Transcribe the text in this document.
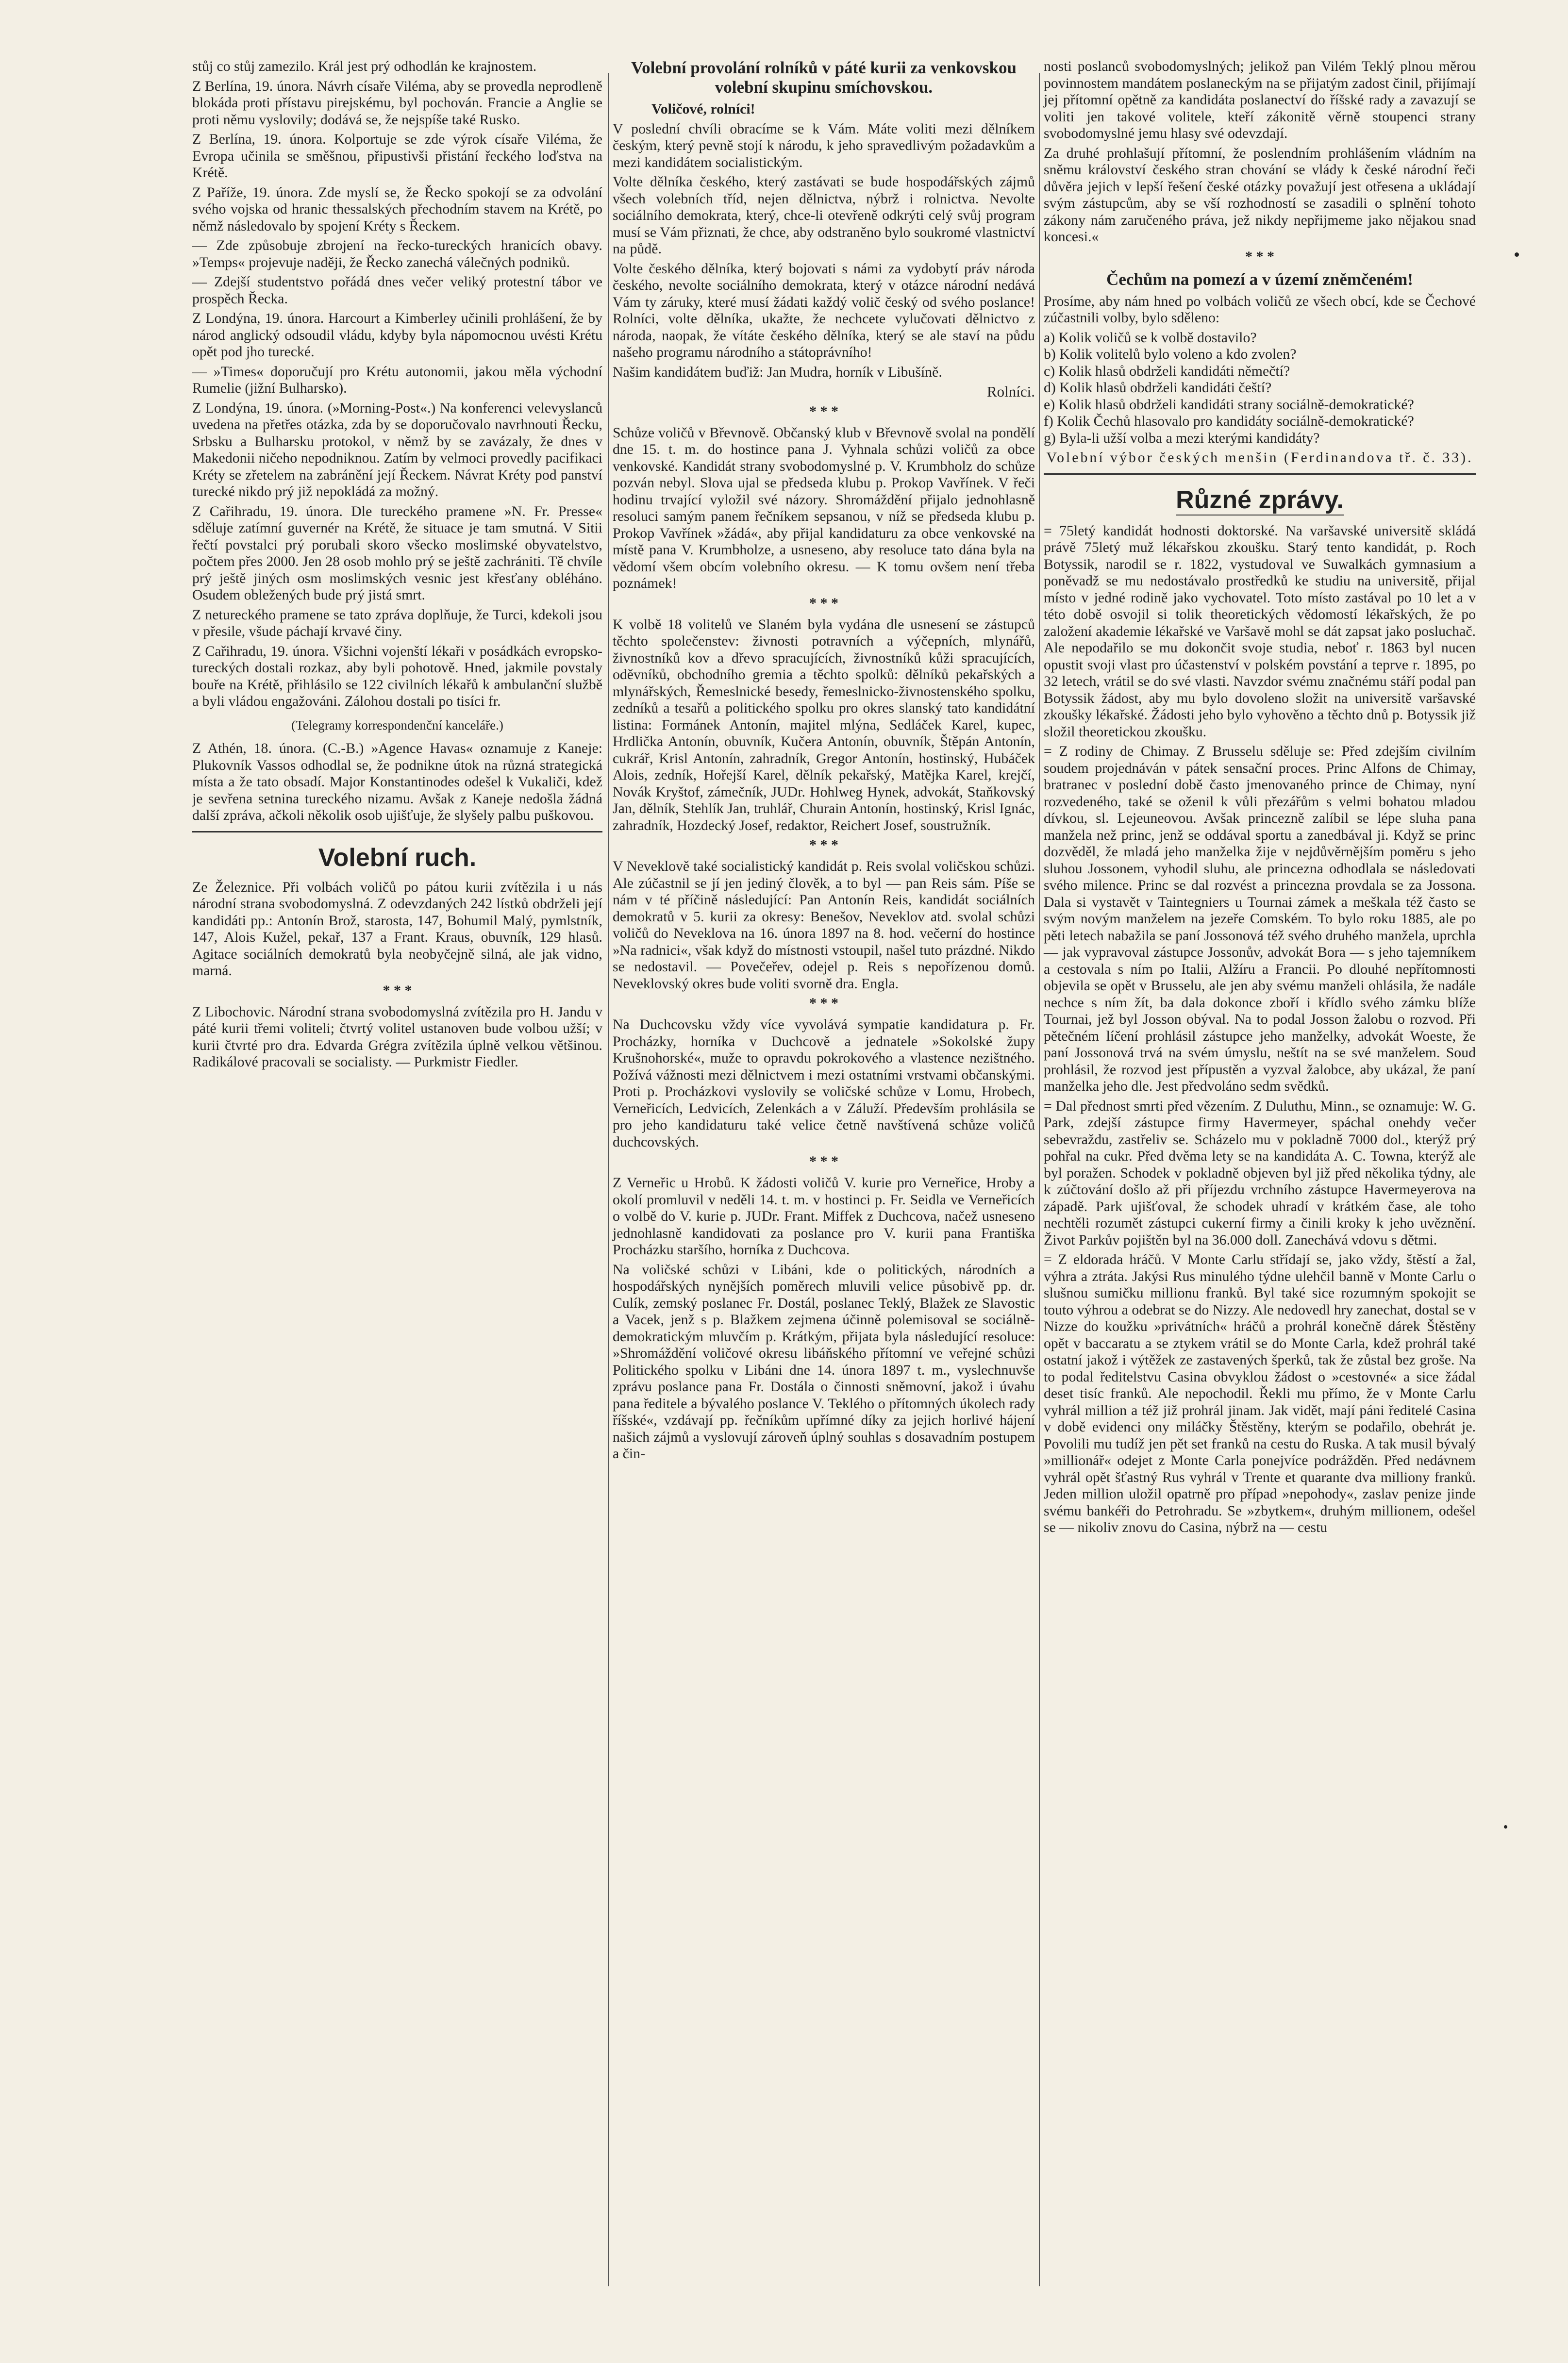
stůj co stůj zamezilo. Král jest prý odhodlán ke krajnostem.

Z Berlína, 19. února. Návrh císaře Viléma, aby se provedla neprodleně blokáda proti přístavu pirejskému, byl pochován. Francie a Anglie se proti němu vyslovily; dodává se, že nejspíše také Rusko.

Z Berlína, 19. února. Kolportuje se zde výrok císaře Viléma, že Evropa učinila se směšnou, připustivši přistání řeckého loďstva na Krétě.

Z Paříže, 19. února. Zde myslí se, že Řecko spokojí se za odvolání svého vojska od hranic thessalských přechodním stavem na Krétě, po němž následovalo by spojení Kréty s Řeckem.

— Zde způsobuje zbrojení na řecko-tureckých hranicích obavy. »Temps« projevuje naději, že Řecko zanechá válečných podniků.

— Zdejší studentstvo pořádá dnes večer veliký protestní tábor ve prospěch Řecka.

Z Londýna, 19. února. Harcourt a Kimberley učinili prohlášení, že by národ anglický odsoudil vládu, kdyby byla nápomocnou uvésti Krétu opět pod jho turecké.

— »Times« doporučují pro Krétu autonomii, jakou měla východní Rumelie (jižní Bulharsko).

Z Londýna, 19. února. (»Morning-Post«.) Na konferenci velevyslanců uvedena na přetřes otázka, zda by se doporučovalo navrhnouti Řecku, Srbsku a Bulharsku protokol, v němž by se zavázaly, že dnes v Makedonii ničeho nepodniknou. Zatím by velmoci provedly pacifikaci Kréty se zřetelem na zabránění její Řeckem. Návrat Kréty pod panství turecké nikdo prý již nepokládá za možný.

Z Cařihradu, 19. února. Dle tureckého pramene »N. Fr. Presse« sděluje zatímní guvernér na Krétě, že situace je tam smutná. V Sitii řečtí povstalci prý porubali skoro všecko moslimské obyvatelstvo, počtem přes 2000. Jen 28 osob mohlo prý se ještě zachrániti. Tě chvíle prý ještě jiných osm moslimských vesnic jest křesťany obléháno. Osudem obležených bude prý jistá smrt.

Z netureckého pramene se tato zpráva doplňuje, že Turci, kdekoli jsou v přesile, všude páchají krvavé činy.

Z Cařihradu, 19. února. Všichni vojenští lékaři v posádkách evropsko-tureckých dostali rozkaz, aby byli pohotově. Hned, jakmile povstaly bouře na Krétě, přihlásilo se 122 civilních lékařů k ambulanční službě a byli vládou engažováni. Zálohou dostali po tisíci fr.

(Telegramy korrespondenční kanceláře.)

Z Athén, 18. února. (C.-B.) »Agence Havas« oznamuje z Kaneje: Plukovník Vassos odhodlal se, že podnikne útok na různá strategická místa a že tato obsadí. Major Konstantinodes odešel k Vukaliči, kdež je sevřena setnina tureckého nizamu. Avšak z Kaneje nedošla žádná další zpráva, ačkoli několik osob ujišťuje, že slyšely palbu puškovou.

Volební ruch.

Ze Železnice. Při volbách voličů po pátou kurii zvítězila i u nás národní strana svobodomyslná. Z odevzdaných 242 lístků obdrželi její kandidáti pp.: Antonín Brož, starosta, 147, Bohumil Malý, pymlstník, 147, Alois Kužel, pekař, 137 a Frant. Kraus, obuvník, 129 hlasů. Agitace sociálních demokratů byla neobyčejně silná, ale jak vidno, marná.

* * *

Z Libochovic. Národní strana svobodomyslná zvítězila pro H. Jandu v páté kurii třemi voliteli; čtvrtý volitel ustanoven bude volbou užší; v kurii čtvrté pro dra. Edvarda Grégra zvítězila úplně velkou většinou. Radikálové pracovali se socialisty. — Purkmistr Fiedler.

Volební provolání rolníků v páté kurii za venkovskou volební skupinu smíchovskou.

Voličové, rolníci!

V poslední chvíli obracíme se k Vám. Máte voliti mezi dělníkem českým, který pevně stojí k národu, k jeho spravedlivým požadavkům a mezi kandidátem socialistickým.

Volte dělníka českého, který zastávati se bude hospodářských zájmů všech volebních tříd, nejen dělnictva, nýbrž i rolnictva. Nevolte sociálního demokrata, který, chce-li otevřeně odkrýti celý svůj program musí se Vám přiznati, že chce, aby odstraněno bylo soukromé vlastnictví na půdě.

Volte českého dělníka, který bojovati s námi za vydobytí práv národa českého, nevolte sociálního demokrata, který v otázce národní nedává Vám ty záruky, které musí žádati každý volič český od svého poslance! Rolníci, volte dělníka, ukažte, že nechcete vylučovati dělnictvo z národa, naopak, že vítáte českého dělníka, který se ale staví na půdu našeho programu národního a státoprávního!

Našim kandidátem buďiž: Jan Mudra, horník v Libušíně.

Rolníci.

* * *

Schůze voličů v Břevnově. Občanský klub v Břevnově svolal na pondělí dne 15. t. m. do hostince pana J. Vyhnala schůzi voličů za obce venkovské. Kandidát strany svobodomyslné p. V. Krumbholz do schůze pozván nebyl. Slova ujal se předseda klubu p. Prokop Vavřínek. V řeči hodinu trvající vyložil své názory. Shromáždění přijalo jednohlasně resoluci samým panem řečníkem sepsanou, v níž se předseda klubu p. Prokop Vavřínek »žádá«, aby přijal kandidaturu za obce venkovské na místě pana V. Krumbholze, a usneseno, aby resoluce tato dána byla na vědomí všem obcím volebního okresu. — K tomu ovšem není třeba poznámek!

* * *

K volbě 18 volitelů ve Slaném byla vydána dle usnesení se zástupců těchto společenstev: živnosti potravních a výčepních, mlynářů, živnostníků kov a dřevo spracujících, živnostníků kůži spracujících, oděvníků, obchodního gremia a těchto spolků: dělníků pekařských a mlynářských, Řemeslnické besedy, řemeslnicko-živnostenského spolku, zedníků a tesařů a politického spolku pro okres slanský tato kandidátní listina: Formánek Antonín, majitel mlýna, Sedláček Karel, kupec, Hrdlička Antonín, obuvník, Kučera Antonín, obuvník, Štěpán Antonín, cukrář, Krisl Antonín, zahradník, Gregor Antonín, hostinský, Hubáček Alois, zedník, Hořejší Karel, dělník pekařský, Matějka Karel, krejčí, Novák Kryštof, zámečník, JUDr. Hohlweg Hynek, advokát, Staňkovský Jan, dělník, Stehlík Jan, truhlář, Churain Antonín, hostinský, Krisl Ignác, zahradník, Hozdecký Josef, redaktor, Reichert Josef, soustružník.

* * *

V Neveklově také socialistický kandidát p. Reis svolal voličskou schůzi. Ale zúčastnil se jí jen jediný člověk, a to byl — pan Reis sám. Píše se nám v té příčině následující: Pan Antonín Reis, kandidát sociálních demokratů v 5. kurii za okresy: Benešov, Neveklov atd. svolal schůzi voličů do Neveklova na 16. února 1897 na 8. hod. večerní do hostince »Na radnici«, však když do místnosti vstoupil, našel tuto prázdné. Nikdo se nedostavil. — Povečeřev, odejel p. Reis s nepořízenou domů. Neveklovský okres bude voliti svorně dra. Engla.

* * *

Na Duchcovsku vždy více vyvolává sympatie kandidatura p. Fr. Procházky, horníka v Duchcově a jednatele »Sokolské župy Krušnohorské«, muže to opravdu pokrokového a vlastence nezištného. Požívá vážnosti mezi dělnictvem i mezi ostatními vrstvami občanskými. Proti p. Procházkovi vyslovily se voličské schůze v Lomu, Hrobech, Verneřicích, Ledvicích, Zelenkách a v Záluží. Především prohlásila se pro jeho kandidaturu také velice četně navštívená schůze voličů duchcovských.

* * *

Z Verneřic u Hrobů. K žádosti voličů V. kurie pro Verneřice, Hroby a okolí promluvil v neděli 14. t. m. v hostinci p. Fr. Seidla ve Verneřicích o volbě do V. kurie p. JUDr. Frant. Miffek z Duchcova, načež usneseno jednohlasně kandidovati za poslance pro V. kurii pana Františka Procházku staršího, horníka z Duchcova.

Na voličské schůzi v Libáni, kde o politických, národních a hospodářských nynějších poměrech mluvili velice působivě pp. dr. Culík, zemský poslanec Fr. Dostál, poslanec Teklý, Blažek ze Slavostic a Vacek, jenž s p. Blažkem zejmena účinně polemisoval se sociálně-demokratickým mluvčím p. Krátkým, přijata byla následující resoluce: »Shromáždění voličové okresu libáňského přítomní ve veřejné schůzi Politického spolku v Libáni dne 14. února 1897 t. m., vyslechnuvše zprávu poslance pana Fr. Dostála o činnosti sněmovní, jakož i úvahu pana ředitele a bývalého poslance V. Teklého o přítomných úkolech rady říšské«, vzdávají pp. řečníkům upřímné díky za jejich horlivé hájení našich zájmů a vyslovují zároveň úplný souhlas s dosavadním postupem a čin-

nosti poslanců svobodomyslných; jelikož pan Vilém Teklý plnou měrou povinnostem mandátem poslaneckým na se přijatým zadost činil, přijímají jej přítomní opětně za kandidáta poslanectví do říšské rady a zavazují se voliti jen takové volitele, kteří zákonitě věrně stoupenci strany svobodomyslné jemu hlasy své odevzdají.

Za druhé prohlašují přítomní, že poslendním prohlášením vládním na sněmu království českého stran chování se vlády k české národní řeči důvěra jejich v lepší řešení české otázky považují jest otřesena a ukládají svým zástupcům, aby se vší rozhodností se zasadili o splnění tohoto zákony nám zaručeného práva, jež nikdy nepřijmeme jako nějakou snad koncesi.«

* * *
Čechům na pomezí a v území zněmčeném!

Prosíme, aby nám hned po volbách voličů ze všech obcí, kde se Čechové zúčastnili volby, bylo sděleno:

a) Kolik voličů se k volbě dostavilo?

b) Kolik volitelů bylo voleno a kdo zvolen?

c) Kolik hlasů obdrželi kandidáti němečtí?

d) Kolik hlasů obdrželi kandidáti čeští?

e) Kolik hlasů obdrželi kandidáti strany sociálně-demokratické?

f) Kolik Čechů hlasovalo pro kandidáty sociálně-demokratické?

g) Byla-li užší volba a mezi kterými kandidáty?

Volební výbor českých menšin (Ferdinandova tř. č. 33).

Různé zprávy.

= 75letý kandidát hodnosti doktorské. Na varšavské universitě skládá právě 75letý muž lékařskou zkoušku. Starý tento kandidát, p. Roch Botyssik, narodil se r. 1822, vystudoval ve Suwalkách gymnasium a poněvadž se mu nedostávalo prostředků ke studiu na universitě, přijal místo v jedné rodině jako vychovatel. Toto místo zastával po 10 let a v této době osvojil si tolik theoretických vědomostí lékařských, že po založení akademie lékařské ve Varšavě mohl se dát zapsat jako posluchač. Ale nepodařilo se mu dokončit svoje studia, neboť r. 1863 byl nucen opustit svoji vlast pro účastenství v polském povstání a teprve r. 1895, po 32 letech, vrátil se do své vlasti. Navzdor svému značnému stáří podal pan Botyssik žádost, aby mu bylo dovoleno složit na universitě varšavské zkoušky lékařské. Žádosti jeho bylo vyhověno a těchto dnů p. Botyssik již složil theoretickou zkoušku.

= Z rodiny de Chimay. Z Brusselu sděluje se: Před zdejším civilním soudem projednáván v pátek sensační proces. Princ Alfons de Chimay, bratranec v poslední době často jmenovaného prince de Chimay, nyní rozvedeného, také se oženil k vůli přezářům s velmi bohatou mladou dívkou, sl. Lejeuneovou. Avšak princezně zalíbil se lépe sluha pana manžela než princ, jenž se oddával sportu a zanedbával ji. Když se princ dozvěděl, že mladá jeho manželka žije v nejdůvěrnějším poměru s jeho sluhou Jossonem, vyhodil sluhu, ale princezna odhodlala se následovati svého milence. Princ se dal rozvést a princezna provdala se za Jossona. Dala si vystavět v Taintegniers u Tournai zámek a meškala též často se svým novým manželem na jezeře Comském. To bylo roku 1885, ale po pěti letech nabažila se paní Jossonová též svého druhého manžela, uprchla — jak vypravoval zástupce Jossonův, advokát Bora — s jeho tajemníkem a cestovala s ním po Italii, Alžíru a Francii. Po dlouhé nepřítomnosti objevila se opět v Brusselu, ale jen aby svému manželi ohlásila, že nadále nechce s ním žít, ba dala dokonce zboří i křídlo svého zámku blíže Tournai, jež byl Josson obýval. Na to podal Josson žalobu o rozvod. Při pětečném líčení prohlásil zástupce jeho manželky, advokát Woeste, že paní Jossonová trvá na svém úmyslu, neštít na se své manželem. Soud prohlásil, že rozvod jest přípustěn a vyzval žalobce, aby ukázal, že paní manželka jeho dle. Jest předvoláno sedm svědků.

= Dal přednost smrti před vězením. Z Duluthu, Minn., se oznamuje: W. G. Park, zdejší zástupce firmy Havermeyer, spáchal onehdy večer sebevraždu, zastřeliv se. Scházelo mu v pokladně 7000 dol., kterýž prý pohřal na cukr. Před dvěma lety se na kandidáta A. C. Towna, kterýž ale byl poražen. Schodek v pokladně objeven byl již před několika týdny, ale k zúčtování došlo až při příjezdu vrchního zástupce Havermeyerova na západě. Park ujišťoval, že schodek uhradí v krátkém čase, ale toho nechtěli rozumět zástupci cukerní firmy a činili kroky k jeho uvěznění. Život Parkův pojištěn byl na 36.000 doll. Zanechává vdovu s dětmi.

= Z eldorada hráčů. V Monte Carlu střídají se, jako vždy, štěstí a žal, výhra a ztráta. Jakýsi Rus minulého týdne ulehčil banně v Monte Carlu o slušnou sumičku millionu franků. Byl také sice rozumným spokojit se touto výhrou a odebrat se do Nizzy. Ale nedovedl hry zanechat, dostal se v Nizze do koužku »privátních« hráčů a prohrál konečně dárek Štěstěny opět v baccaratu a se ztykem vrátil se do Monte Carla, kdež prohrál také ostatní jakož i výtěžek ze zastavených šperků, tak že zůstal bez groše. Na to podal ředitelstvu Casina obvyklou žádost o »cestovné« a sice žádal deset tisíc franků. Ale nepochodil. Řekli mu přímo, že v Monte Carlu vyhrál million a též již prohrál jinam. Jak vidět, mají páni ředitelé Casina v době evidenci ony miláčky Štěstěny, kterým se podařilo, obehrát je. Povolili mu tudíž jen pět set franků na cestu do Ruska. A tak musil bývalý »millionář« odejet z Monte Carla ponejvíce podrážděn. Před nedávnem vyhrál opět šťastný Rus vyhrál v Trente et quarante dva milliony franků. Jeden million uložil opatrně pro případ »nepohody«, zaslav penize jinde svému bankéři do Petrohradu. Se »zbytkem«, druhým millionem, odešel se — nikoliv znovu do Casina, nýbrž na — cestu
